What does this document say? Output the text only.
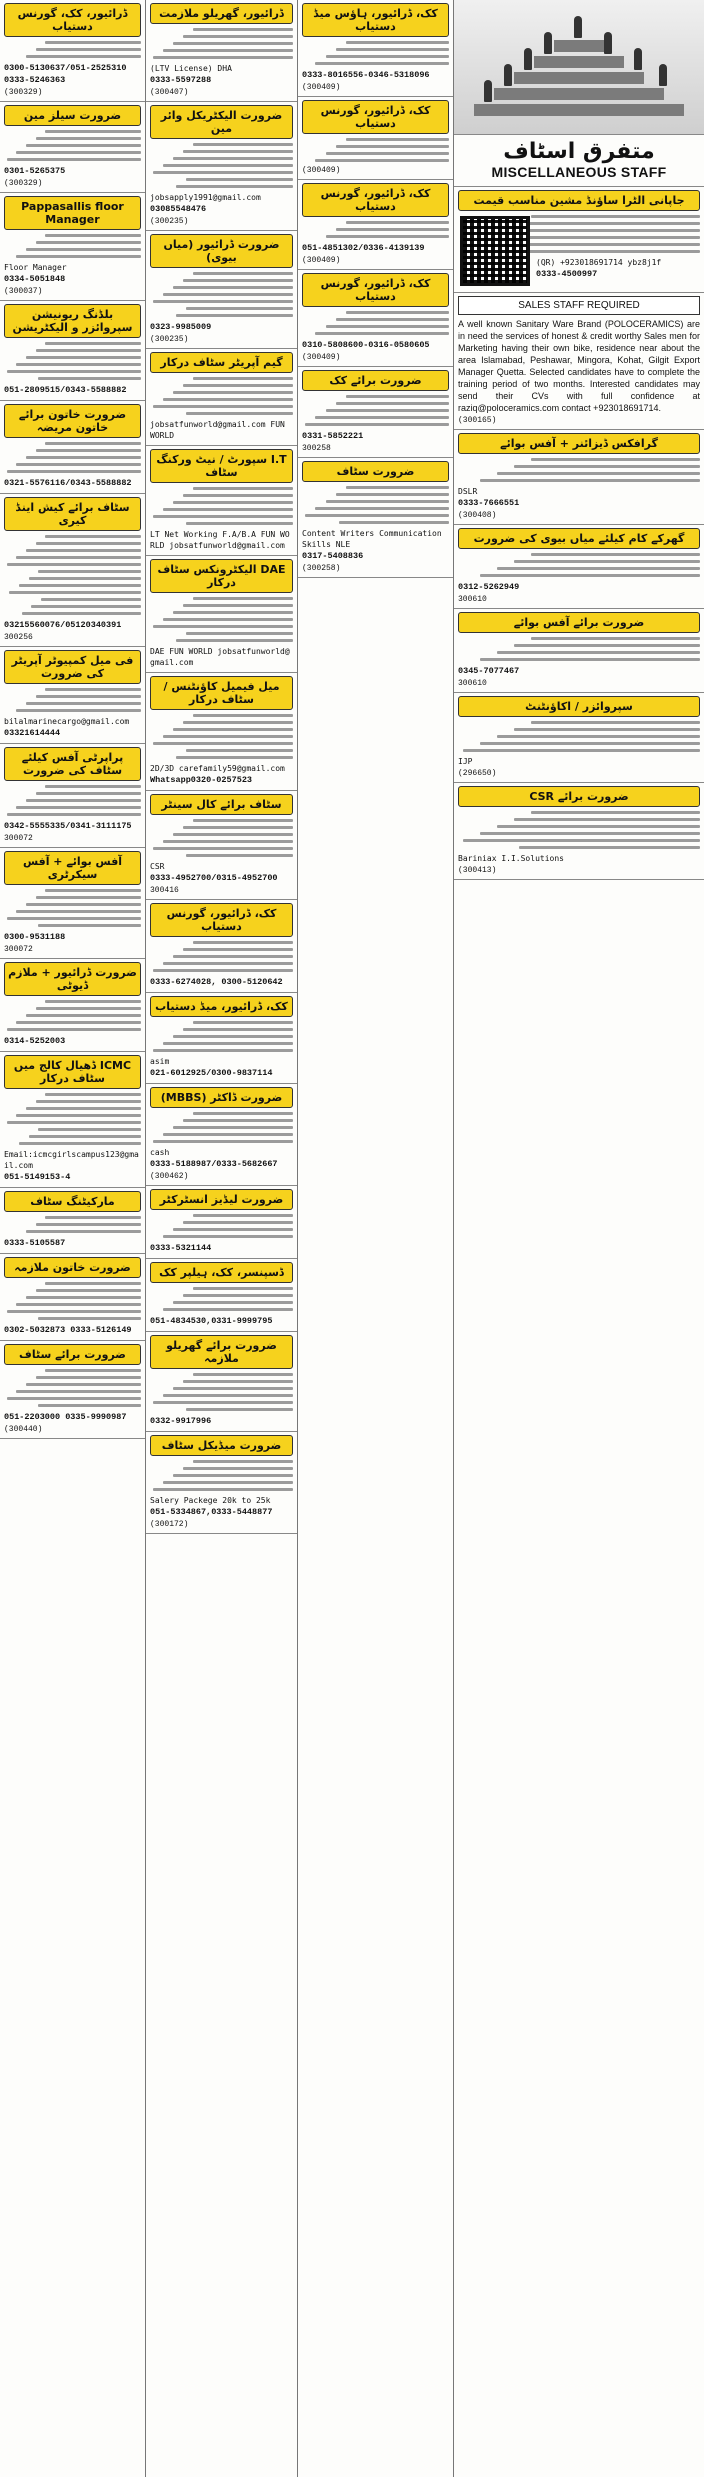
ڈرائیور، کک، گورنس دستیاب
0300-5130637/051-2525310 0333-5246363
(300329)
ضرورت سیلز مین
0301-5265375
(300329)
Pappasallis floor Manager
Floor Manager
0334-5051848
(300037)
بلڈنگ ریونیشن سپروائزر و الیکٹریشن
051-2809515/0343-5588882
ضرورت خاتون برائے خاتون مریضہ
0321-5576116/0343-5588882
سٹاف برائے کیش اینڈ کیری
03215560076/05120340391
300256
فی میل کمپیوٹر آپریٹر کی ضرورت
bilalmarinecargo@gmail.com
03321614444
پراپرٹی آفس کیلئے سٹاف کی ضرورت
0342-5555335/0341-3111175
300072
آفس بوائے + آفس سیکرٹری
0300-9531188
300072
ضرورت ڈرائیور + ملازم ڈیوٹی
0314-5252003
ICMC ڈھیال کالج میں سٹاف درکار
Email:icmcgirlscampus123@gmail.com
051-5149153-4
مارکیٹنگ سٹاف
0333-5105587
ضرورت خاتون ملازمہ
0302-5032873 0333-5126149
ضرورت برائے سٹاف
051-2203000 0335-9990987
(300440)
ڈرائیور، گھریلو ملازمت
(LTV License) DHA
0333-5597288
(300407)
ضرورت الیکٹریکل وائر مین
jobsapply1991@gmail.com
03085548476
(300235)
ضرورت ڈرائیور (میاں بیوی)
0323-9985009
(300235)
گیم آپریٹر سٹاف درکار
jobsatfunworld@gmail.com FUN WORLD
I.T سپورٹ / نیٹ ورکنگ سٹاف
LT Net Working F.A/B.A FUN WORLD jobsatfunworld@gmail.com
DAE الیکٹرونکس سٹاف درکار
DAE FUN WORLD jobsatfunworld@gmail.com
میل فیمیل کاؤنٹنس / سٹاف درکار
2D/3D carefamily59@gmail.com
Whatsapp0320-0257523
سٹاف برائے کال سینٹر
CSR
0333-4952700/0315-4952700
300416
کک، ڈرائیور، گورنس دستیاب
0333-6274028, 0300-5120642
کک، ڈرائیور، میڈ دستیاب
asim
021-6012925/0300-9837114
ضرورت ڈاکٹر (MBBS)
cash
0333-5188987/0333-5682667
(300462)
ضرورت لیڈیز انسٹرکٹر
0333-5321144
ڈسپنسر، کک، ہیلپر کک
051-4834530,0331-9999795
ضرورت برائے گھریلو ملازمہ
0332-9917996
ضرورت میڈیکل سٹاف
Salery Packege 20k to 25k
051-5334867,0333-5448877
(300172)
کک، ڈرائیور، ہاؤس میڈ دستیاب
0333-8016556-0346-5318096
(300409)
کک، ڈرائیور، گورنس دستیاب
(300409)
کک، ڈرائیور، گورنس دستیاب
051-4851302/0336-4139139
(300409)
کک، ڈرائیور، گورنس دستیاب
0310-5808600-0316-0580605
(300409)
ضرورت برائے کک
0331-5852221
300258
ضرورت سٹاف
Content Writers Communication Skills NLE
0317-5408836
(300258)
متفرق اسٹاف
MISCELLANEOUS STAFF
جاپانی الٹرا ساؤنڈ مشین مناسب قیمت
(QR) +923018691714 ybz8j1f
0333-4500997
SALES STAFF REQUIRED
A well known Sanitary Ware Brand (POLOCERAMICS) are in need the services of honest & credit worthy Sales men for Marketing having their own bike, residence near about the area Islamabad, Peshawar, Mingora, Kohat, Gilgit Export Manager Quetta. Selected candidates have to complete the training period of two months. Interested candidates may send their CVs with full confidence at raziq@poloceramics.com contact +923018691714.
(300165)
گرافکس ڈیزائنر + آفس بوائے
DSLR
0333-7666551
(300408)
گھرکے کام کیلئے میاں بیوی کی ضرورت
0312-5262949
300610
ضرورت برائے آفس بوائے
0345-7077467
300610
سپروائزر / اکاؤنٹنٹ
IJP
(296650)
ضرورت برائے CSR
Bariniax I.I.Solutions
(300413)
